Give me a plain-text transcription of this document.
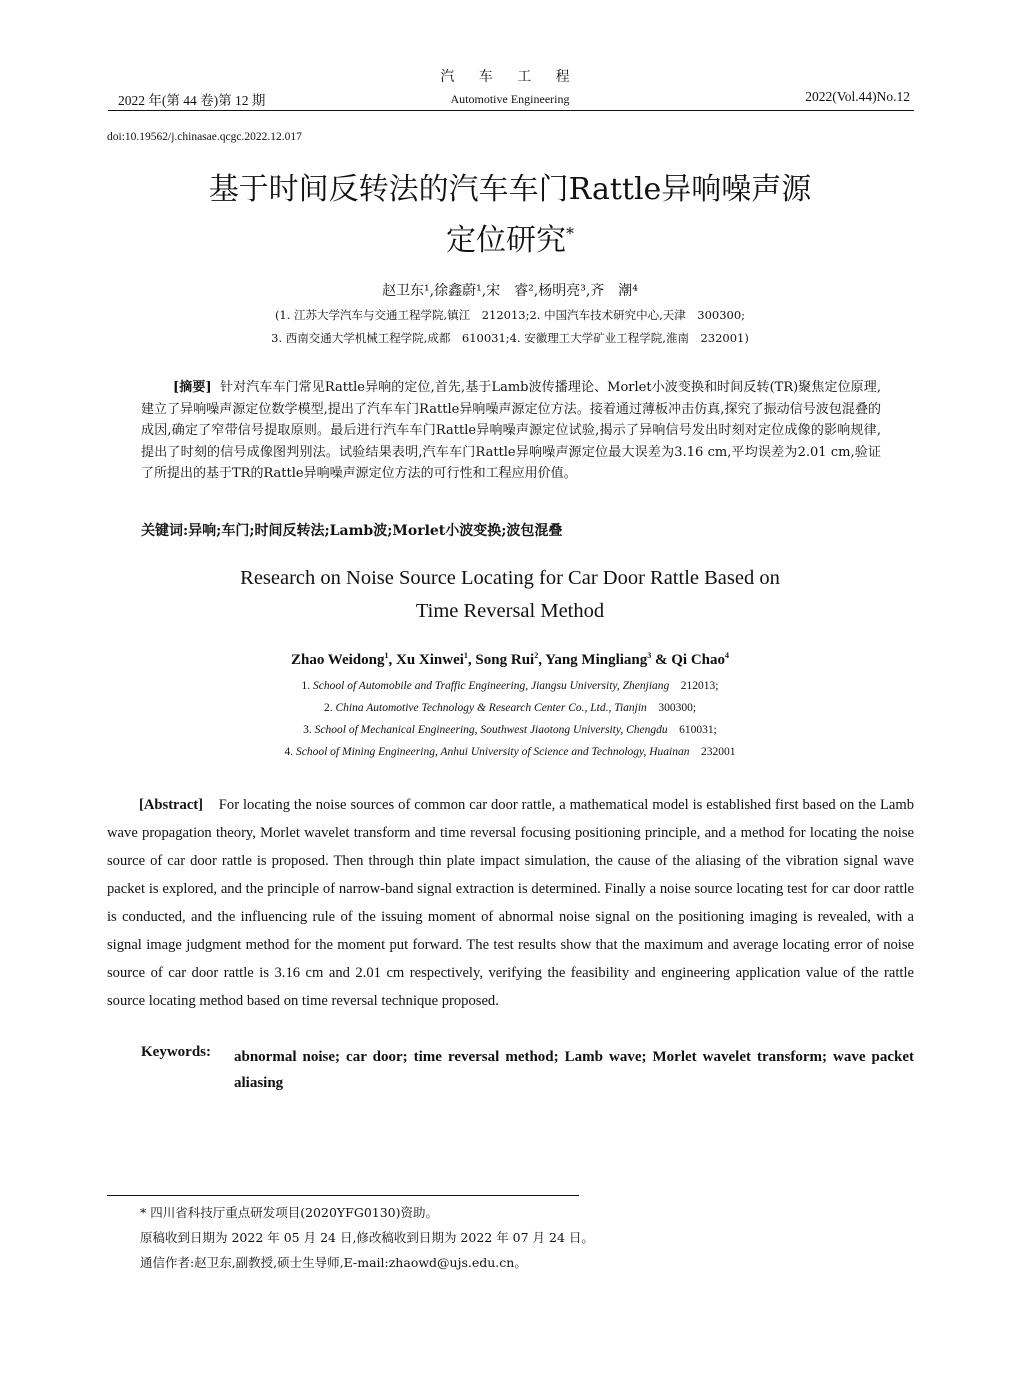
汽 车 工 程
2022 年(第 44 卷)第 12 期	Automotive Engineering	2022(Vol.44)No.12
doi:10.19562/j.chinasae.qcgc.2022.12.017
基于时间反转法的汽车车门Rattle异响噪声源
定位研究*
赵卫东¹,徐鑫蔚¹,宋　睿²,杨明亮³,齐　潮⁴
(1. 江苏大学汽车与交通工程学院,镇江　212013;2. 中国汽车技术研究中心,天津　300300;
3. 西南交通大学机械工程学院,成都　610031;4. 安徽理工大学矿业工程学院,淮南　232001)
[摘要] 针对汽车车门常见Rattle异响的定位,首先,基于Lamb波传播理论、Morlet小波变换和时间反转(TR)聚焦定位原理,建立了异响噪声源定位数学模型,提出了汽车车门Rattle异响噪声源定位方法。接着通过薄板冲击仿真,探究了振动信号波包混叠的成因,确定了窄带信号提取原则。最后进行汽车车门Rattle异响噪声源定位试验,揭示了异响信号发出时刻对定位成像的影响规律,提出了时刻的信号成像图判别法。试验结果表明,汽车车门Rattle异响噪声源定位最大误差为3.16 cm,平均误差为2.01 cm,验证了所提出的基于TR的Rattle异响噪声源定位方法的可行性和工程应用价值。
关键词:异响;车门;时间反转法;Lamb波;Morlet小波变换;波包混叠
Research on Noise Source Locating for Car Door Rattle Based on
Time Reversal Method
Zhao Weidong$^1$, Xu Xinwei$^1$, Song Rui$^2$, Yang Mingliang$^3$ & Qi Chao$^4$
1. School of Automobile and Traffic Engineering, Jiangsu University, Zhenjiang 212013;
2. China Automotive Technology & Research Center Co., Ltd., Tianjin 300300;
3. School of Mechanical Engineering, Southwest Jiaotong University, Chengdu 610031;
4. School of Mining Engineering, Anhui University of Science and Technology, Huainan 232001
[Abstract] For locating the noise sources of common car door rattle, a mathematical model is established first based on the Lamb wave propagation theory, Morlet wavelet transform and time reversal focusing positioning principle, and a method for locating the noise source of car door rattle is proposed. Then through thin plate impact simulation, the cause of the aliasing of the vibration signal wave packet is explored, and the principle of narrow-band signal extraction is determined. Finally a noise source locating test for car door rattle is conducted, and the influencing rule of the issuing moment of abnormal noise signal on the positioning imaging is revealed, with a signal image judgment method for the moment put forward. The test results show that the maximum and average locating error of noise source of car door rattle is 3.16 cm and 2.01 cm respectively, verifying the feasibility and engineering application value of the rattle source locating method based on time reversal technique proposed.
Keywords: abnormal noise; car door; time reversal method; Lamb wave; Morlet wavelet transform; wave packet aliasing
* 四川省科技厅重点研发项目(2020YFG0130)资助。
原稿收到日期为 2022 年 05 月 24 日,修改稿收到日期为 2022 年 07 月 24 日。
通信作者:赵卫东,副教授,硕士生导师,E-mail:zhaowd@ujs.edu.cn。
